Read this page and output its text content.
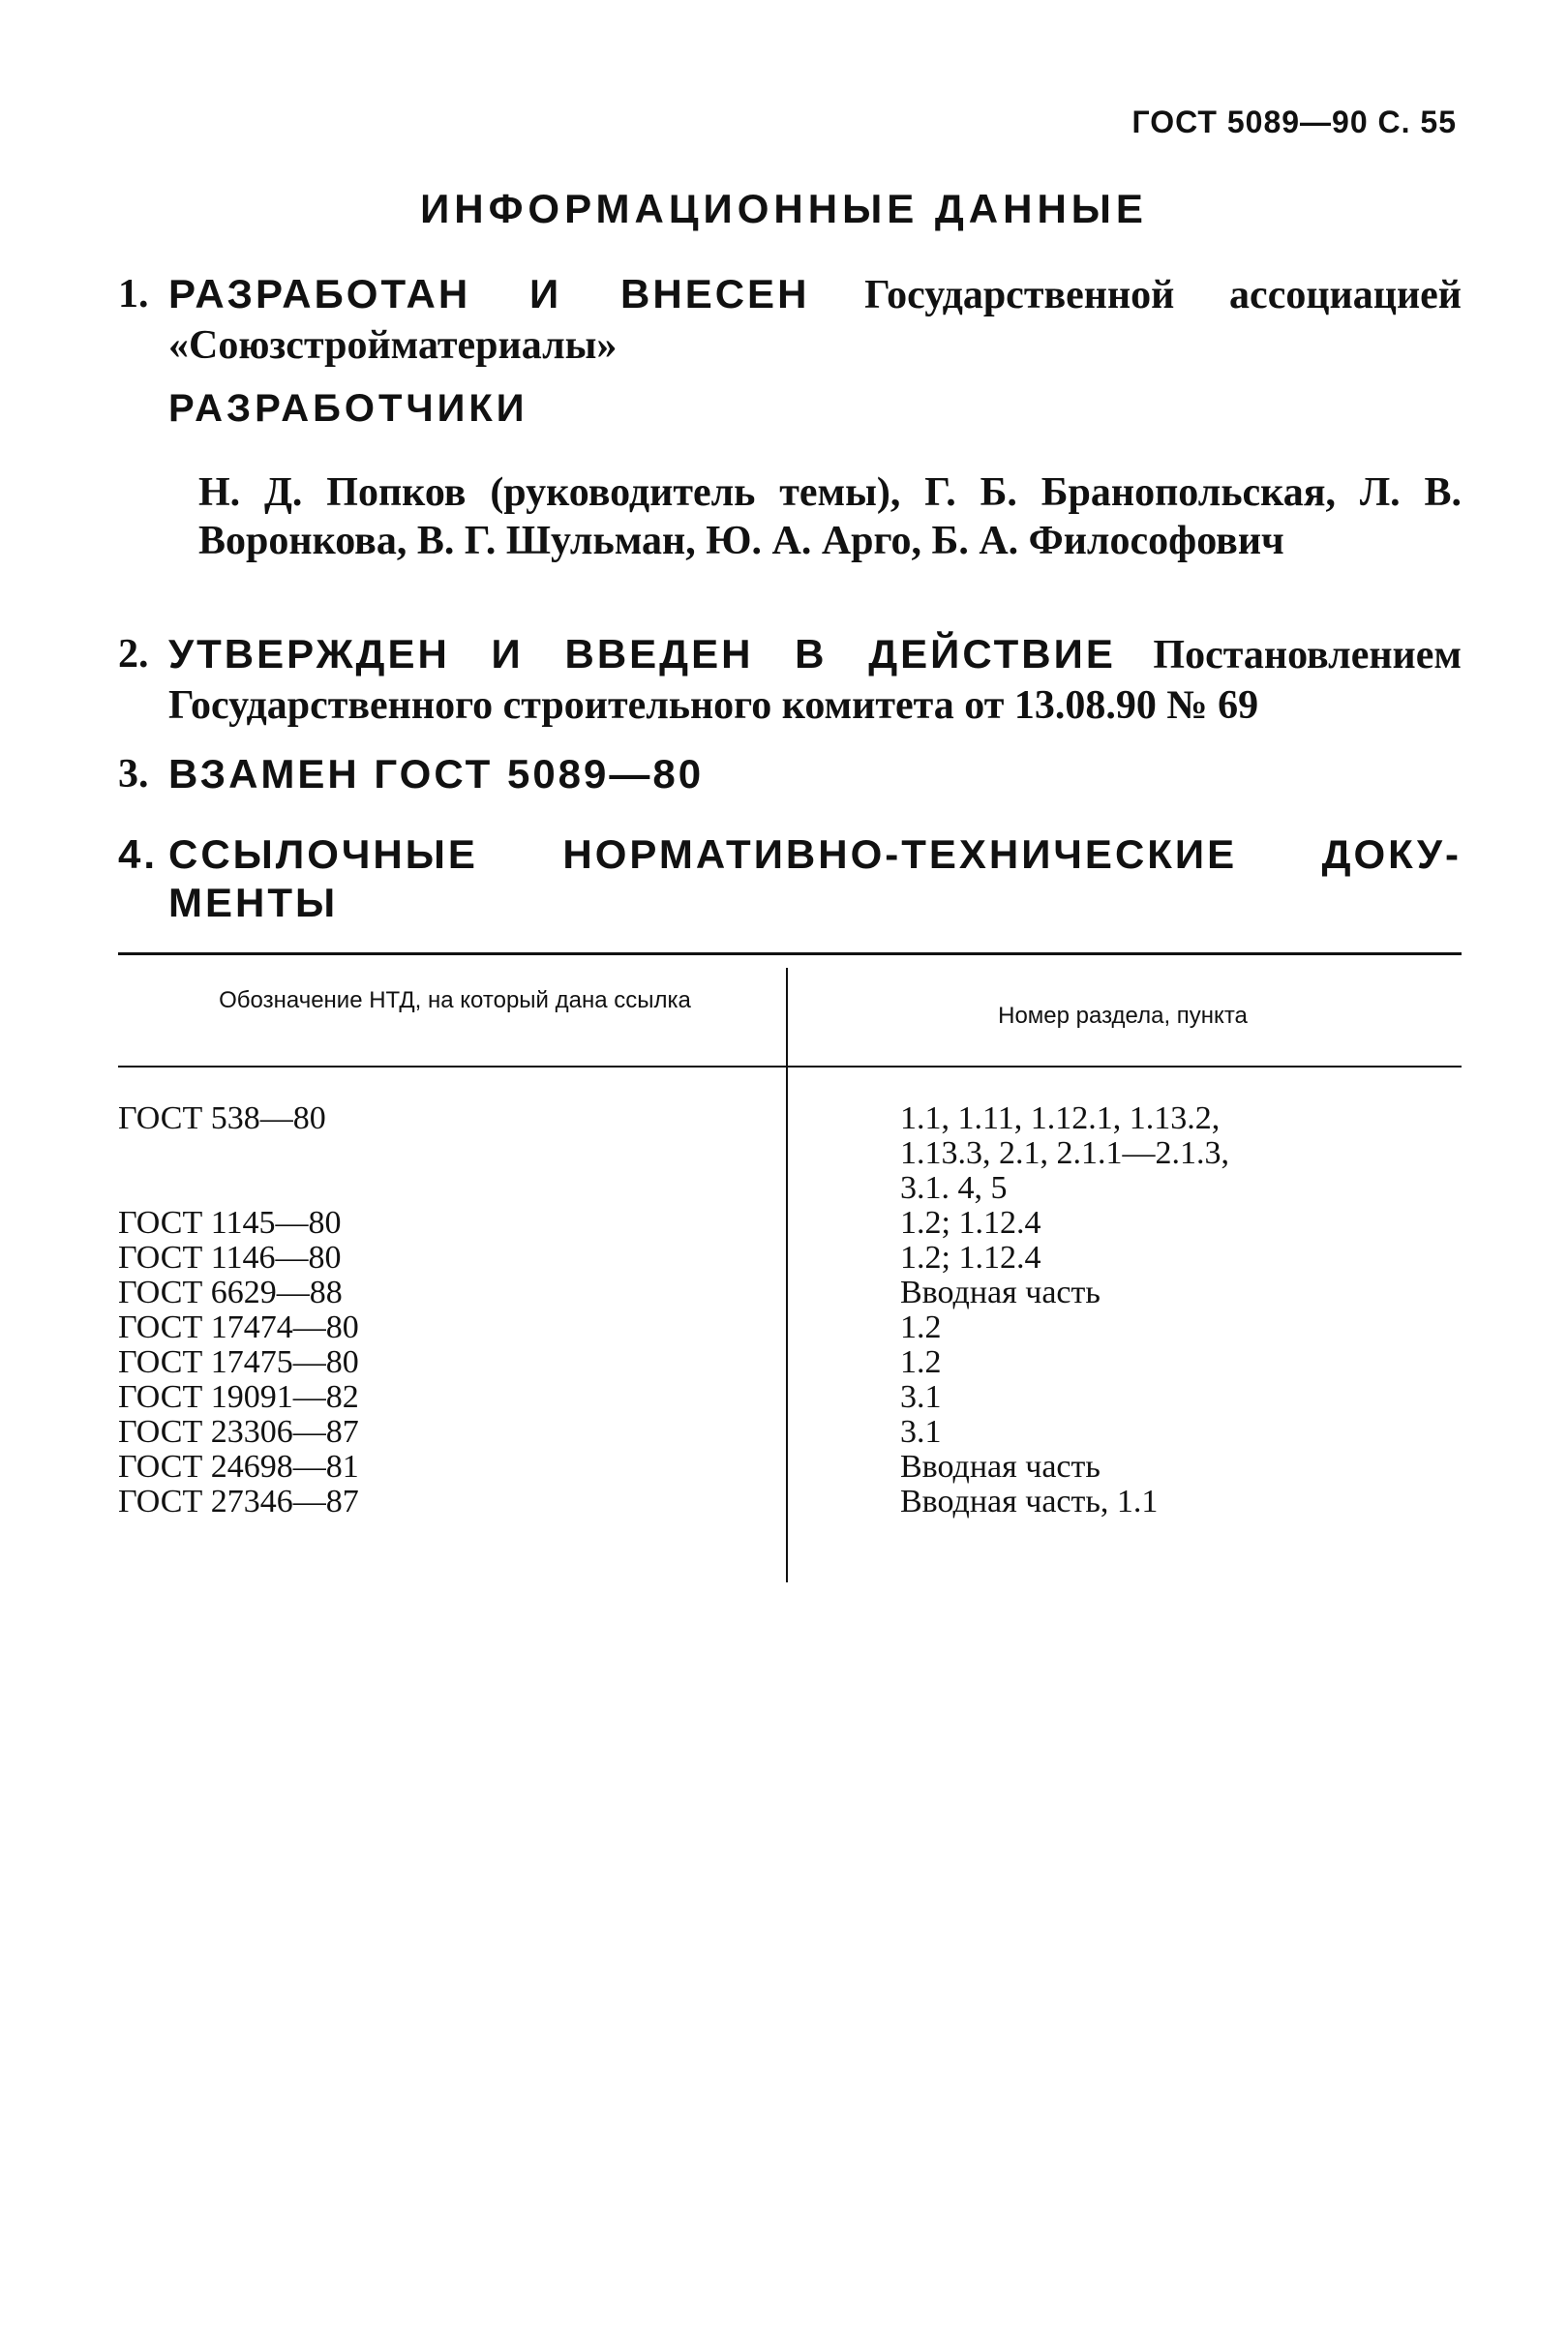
ГОСТ 5089—90 С. 55
ИНФОРМАЦИОННЫЕ ДАННЫЕ
1. РАЗРАБОТАН И ВНЕСЕН Государственной ассоциацией «Союзстройматериалы»
РАЗРАБОТЧИКИ
Н. Д. Попков (руководитель темы), Г. Б. Бранопольская, Л. В. Воронкова, В. Г. Шульман, Ю. А. Арго, Б. А. Философович
2. УТВЕРЖДЕН И ВВЕДЕН В ДЕЙСТВИЕ Постановлением Государственного строительного комитета от 13.08.90 № 69
3. ВЗАМЕН ГОСТ 5089—80
4. ССЫЛОЧНЫЕ НОРМАТИВНО-ТЕХНИЧЕСКИЕ ДОКУ-
МЕНТЫ
Обозначение НТД, на который дана ссылка
Номер раздела, пункта
ГОСТ 538—80	1.1, 1.11, 1.12.1, 1.13.2,
1.13.3, 2.1, 2.1.1—2.1.3,
3.1. 4, 5
ГОСТ 1145—80	1.2; 1.12.4
ГОСТ 1146—80	1.2; 1.12.4
ГОСТ 6629—88	Вводная часть
ГОСТ 17474—80	1.2
ГОСТ 17475—80	1.2
ГОСТ 19091—82	3.1
ГОСТ 23306—87	3.1
ГОСТ 24698—81	Вводная часть
ГОСТ 27346—87	Вводная часть, 1.1
